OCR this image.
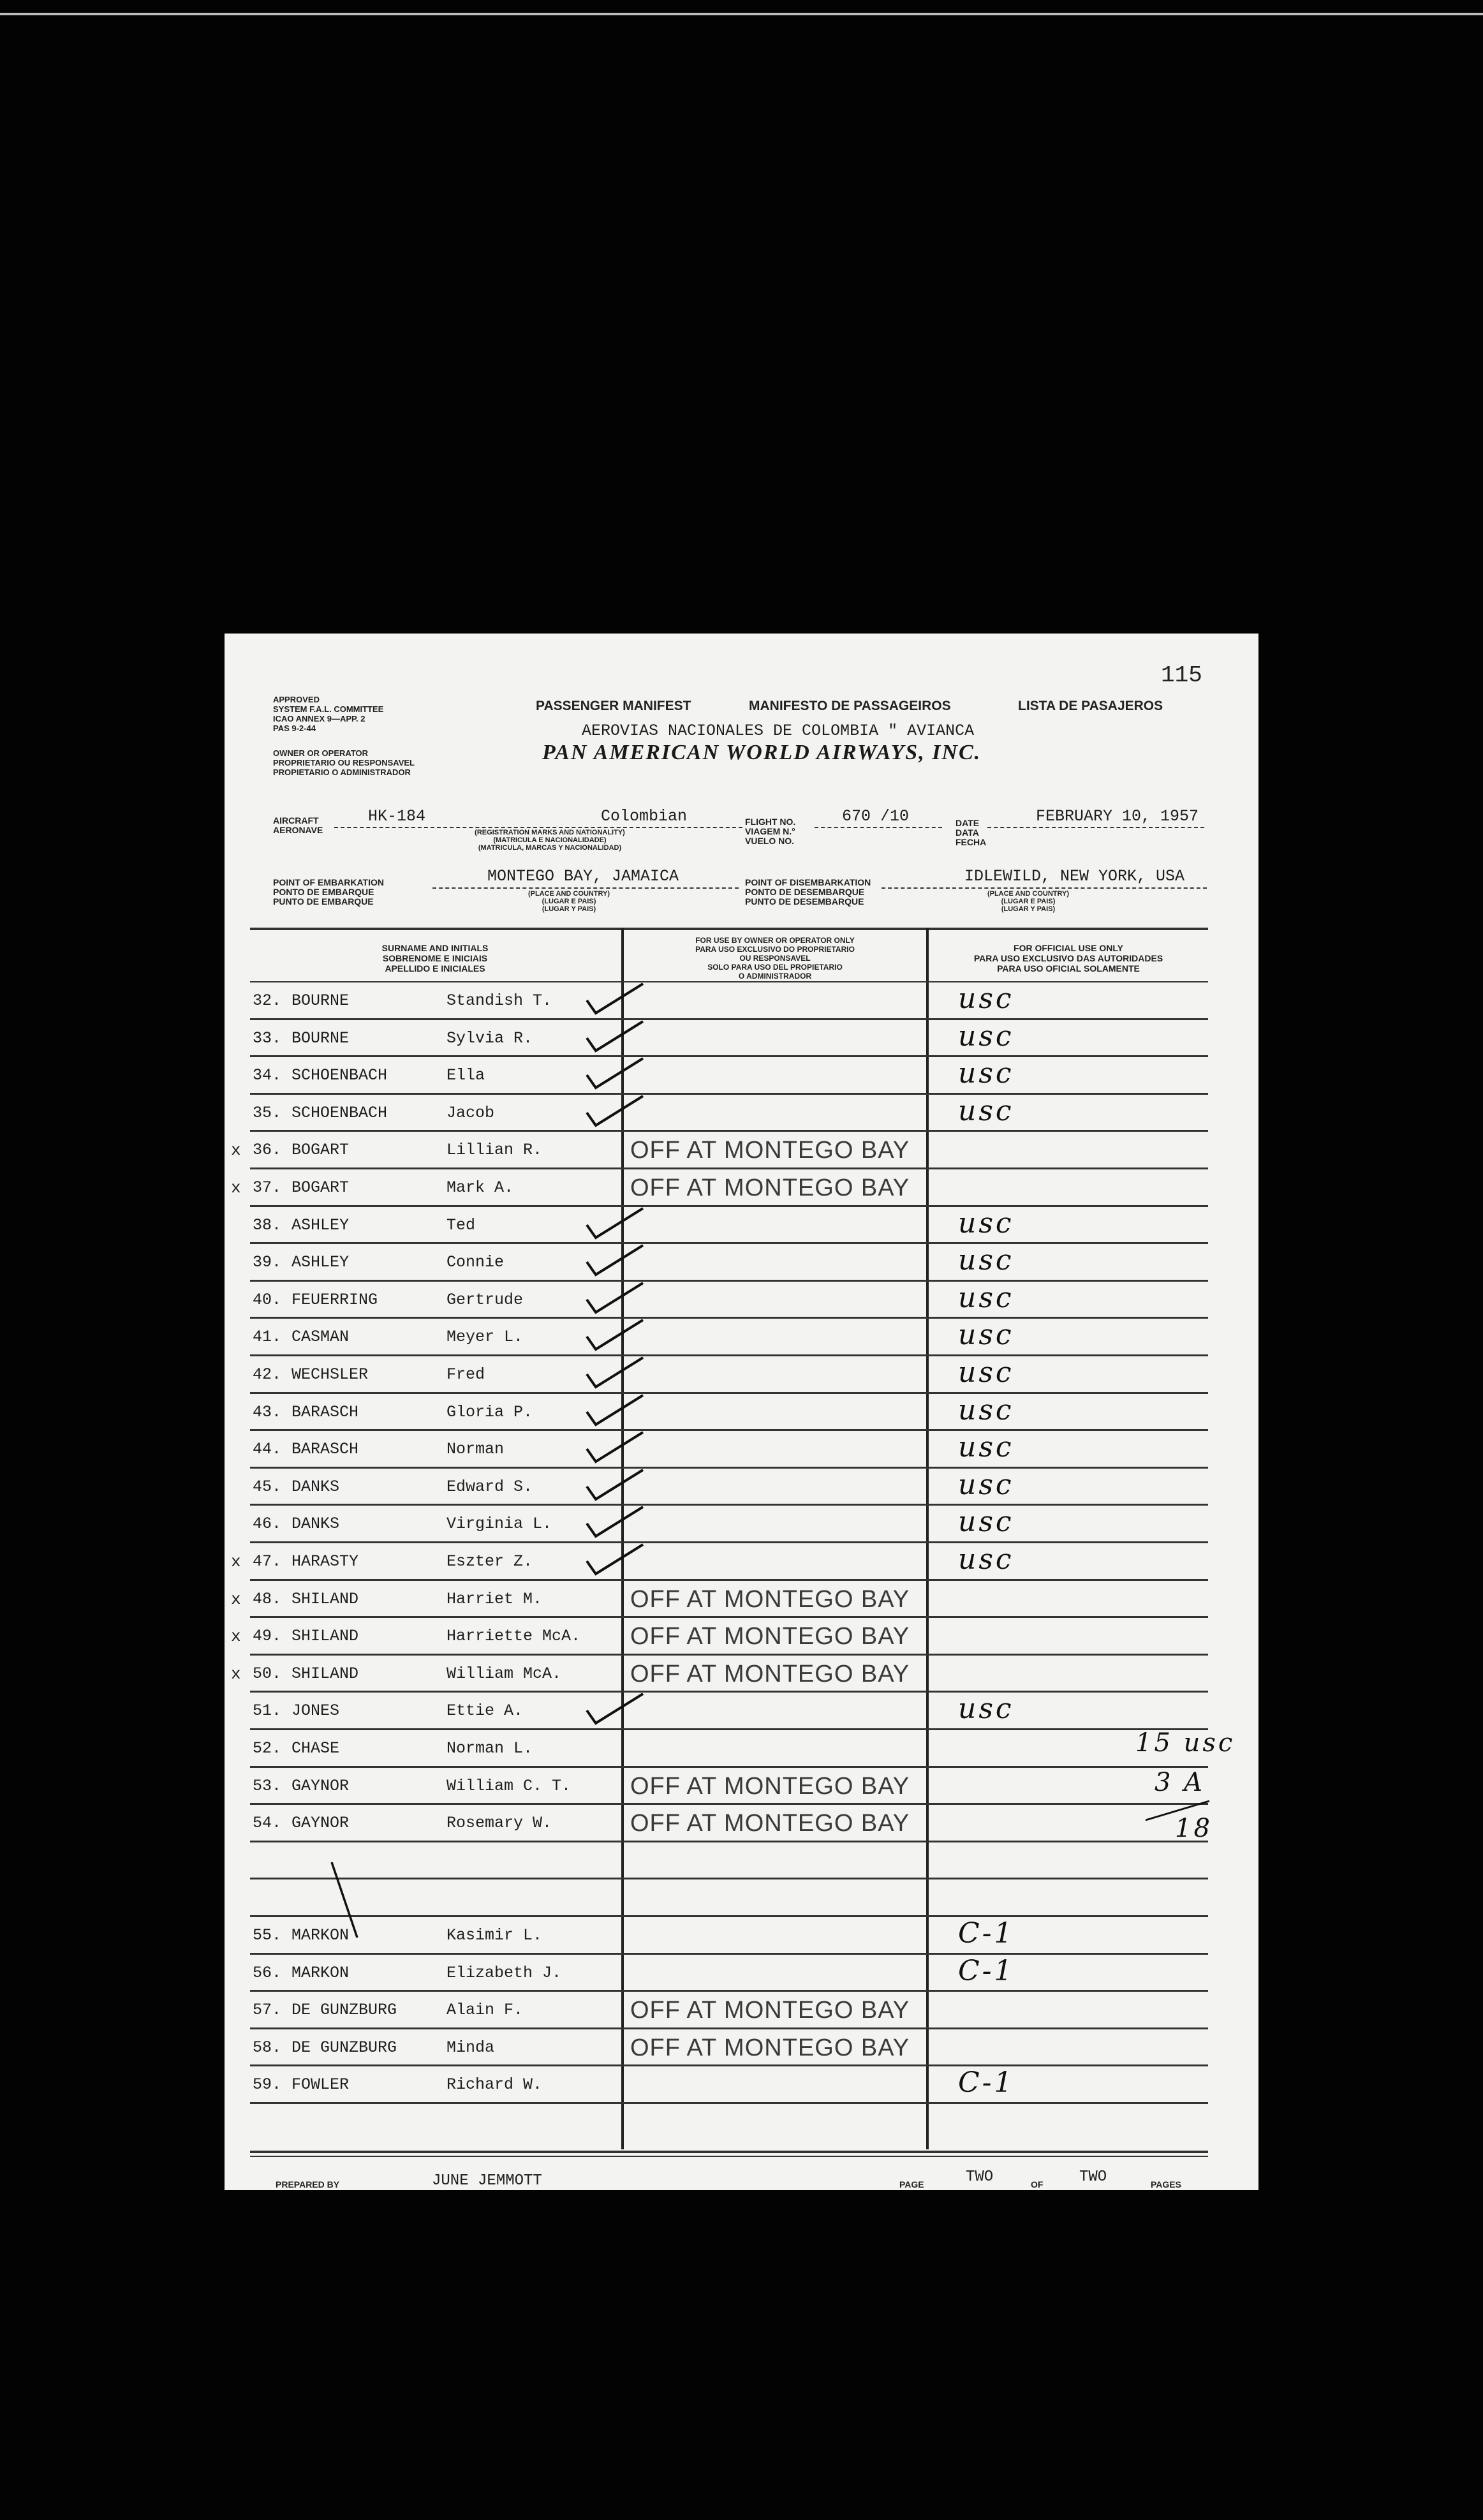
115
APPROVED
SYSTEM F.A.L. COMMITTEE
ICAO ANNEX 9—APP. 2
PAS 9-2-44
OWNER OR OPERATOR
PROPRIETARIO OU RESPONSAVEL
PROPIETARIO O ADMINISTRADOR
PASSENGER MANIFEST	MANIFESTO DE PASSAGEIROS	LISTA DE PASAJEROS
AEROVIAS NACIONALES DE COLOMBIA " AVIANCA
PAN AMERICAN WORLD AIRWAYS, INC.
AIRCRAFT
AERONAVE
HK-184	Colombian
(REGISTRATION MARKS AND NATIONALITY)
(MATRICULA E NACIONALIDADE)
(MATRICULA, MARCAS Y NACIONALIDAD)
FLIGHT NO.
VIAGEM N.°
VUELO NO.
670 /10	DATE
DATA
FECHA
FEBRUARY 10, 1957
POINT OF EMBARKATION
PONTO DE EMBARQUE
PUNTO DE EMBARQUE
MONTEGO BAY, JAMAICA
(PLACE AND COUNTRY)
(LUGAR E PAIS)
(LUGAR Y PAIS)
POINT OF DISEMBARKATION
PONTO DE DESEMBARQUE
PUNTO DE DESEMBARQUE
IDLEWILD, NEW YORK, USA
(PLACE AND COUNTRY)
(LUGAR E PAIS)
(LUGAR Y PAIS)
SURNAME AND INITIALS
SOBRENOME E INICIAIS
APELLIDO E INICIALES
FOR USE BY OWNER OR OPERATOR ONLY
PARA USO EXCLUSIVO DO PROPRIETARIO
OU RESPONSAVEL
SOLO PARA USO DEL PROPIETARIO
O ADMINISTRADOR
FOR OFFICIAL USE ONLY
PARA USO EXCLUSIVO DAS AUTORIDADES
PARA USO OFICIAL SOLAMENTE
32. BOURNE	Standish T.	usc
33. BOURNE	Sylvia R.	usc
34. SCHOENBACH	Ella	usc
35. SCHOENBACH	Jacob	usc
x 36. BOGART	Lillian R.	OFF AT MONTEGO BAY
x 37. BOGART	Mark A.	OFF AT MONTEGO BAY
38. ASHLEY	Ted	usc
39. ASHLEY	Connie	usc
40. FEUERRING	Gertrude	usc
41. CASMAN	Meyer L.	usc
42. WECHSLER	Fred	usc
43. BARASCH	Gloria P.	usc
44. BARASCH	Norman	usc
45. DANKS	Edward S.	usc
46. DANKS	Virginia L.	usc
x 47. HARASTY	Eszter Z.	usc
x 48. SHILAND	Harriet M.	OFF AT MONTEGO BAY
x 49. SHILAND	Harriette McA. OFF AT MONTEGO BAY
x 50. SHILAND	William McA.	OFF AT MONTEGO BAY
51. JONES	Ettie A.	usc
52. CHASE	Norman L.
53. GAYNOR	William C. T. OFF AT MONTEGO BAY
54. GAYNOR	Rosemary W.	OFF AT MONTEGO BAY
55. MARKON	Kasimir L.	C-1
56. MARKON	Elizabeth J.	C-1
57. DE GUNZBURG	Alain F.	OFF AT MONTEGO BAY
58. DE GUNZBURG	Minda	OFF AT MONTEGO BAY
59. FOWLER	Richard W.	C-1
15 usc
3 A
18
PREPARED BY	JUNE JEMMOTT	PAGE	TWO	OF TWO	PAGES
